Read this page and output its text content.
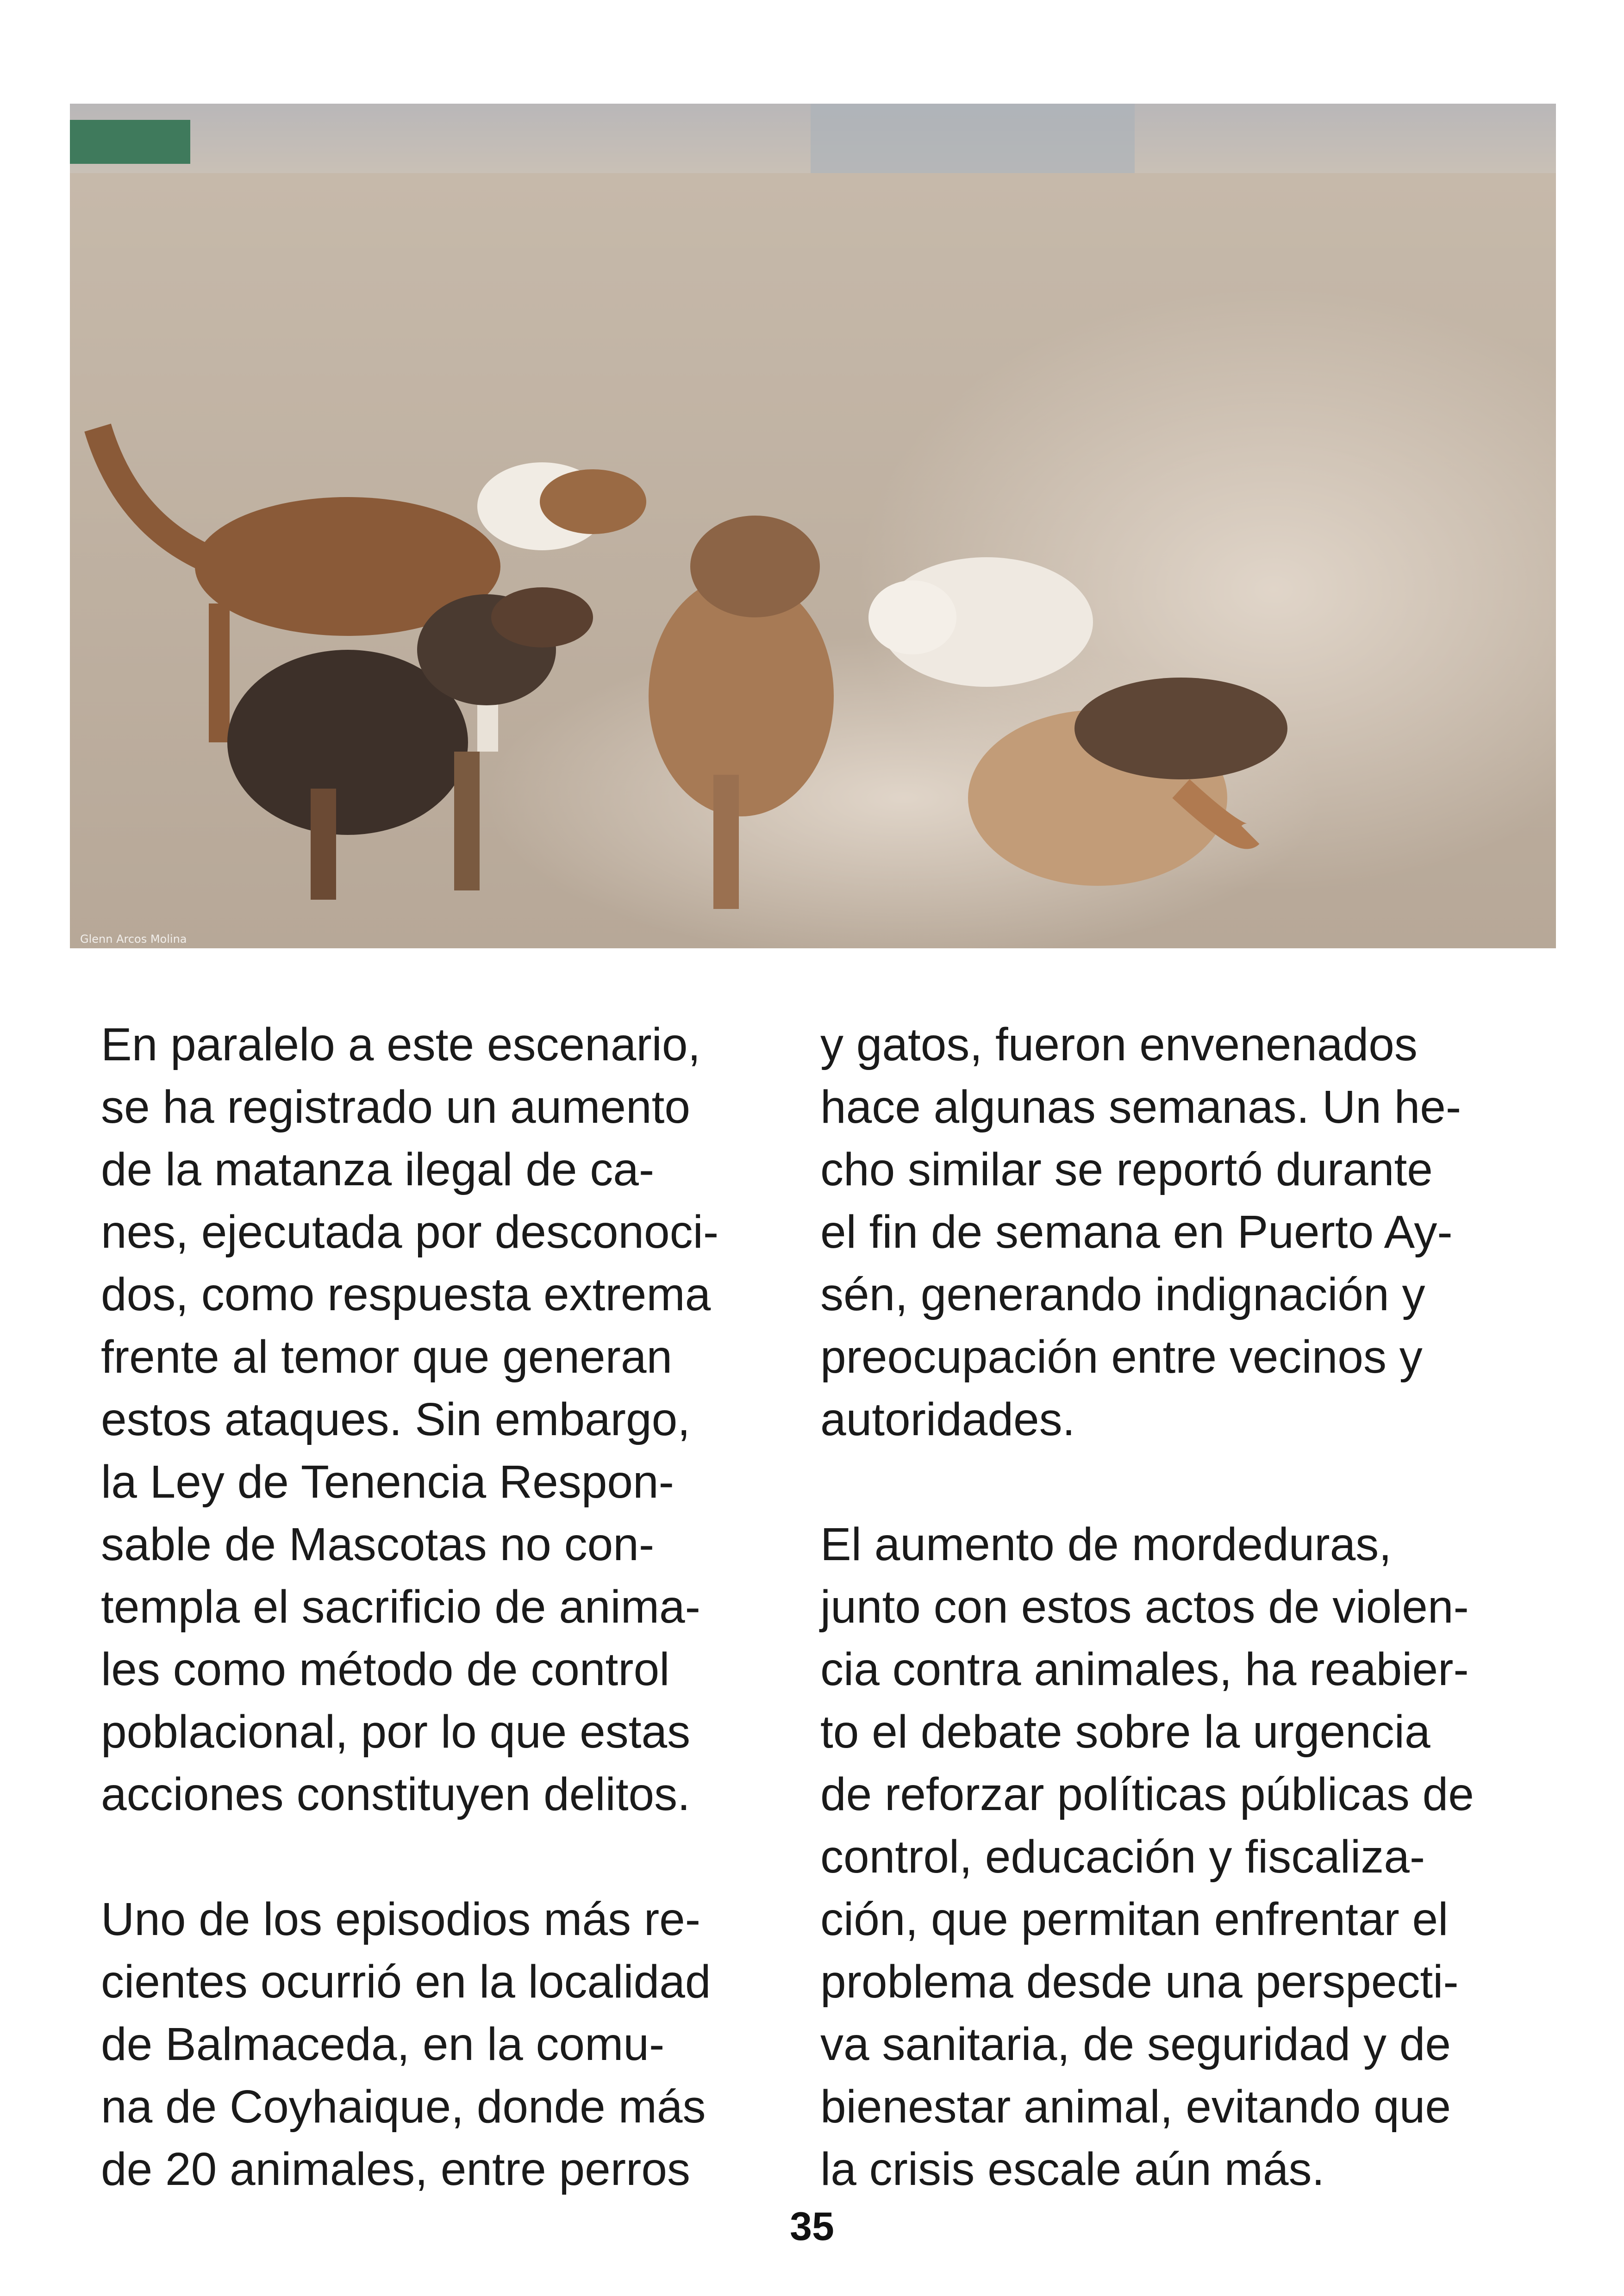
Glenn Arcos Molina
En paralelo a este escenario,
se ha registrado un aumento
de la matanza ilegal de ca-
nes, ejecutada por desconoci-
dos, como respuesta extrema
frente al temor que generan
estos ataques. Sin embargo,
la Ley de Tenencia Respon-
sable de Mascotas no con-
templa el sacrificio de anima-
les como método de control
poblacional, por lo que estas
acciones constituyen delitos.
Uno de los episodios más re-
cientes ocurrió en la localidad
de Balmaceda, en la comu-
na de Coyhaique, donde más
de 20 animales, entre perros
y gatos, fueron envenenados
hace algunas semanas. Un he-
cho similar se reportó durante
el fin de semana en Puerto Ay-
sén, generando indignación y
preocupación entre vecinos y
autoridades.
El aumento de mordeduras,
junto con estos actos de violen-
cia contra animales, ha reabier-
to el debate sobre la urgencia
de reforzar políticas públicas de
control, educación y fiscaliza-
ción, que permitan enfrentar el
problema desde una perspecti-
va sanitaria, de seguridad y de
bienestar animal, evitando que
la crisis escale aún más.
35
